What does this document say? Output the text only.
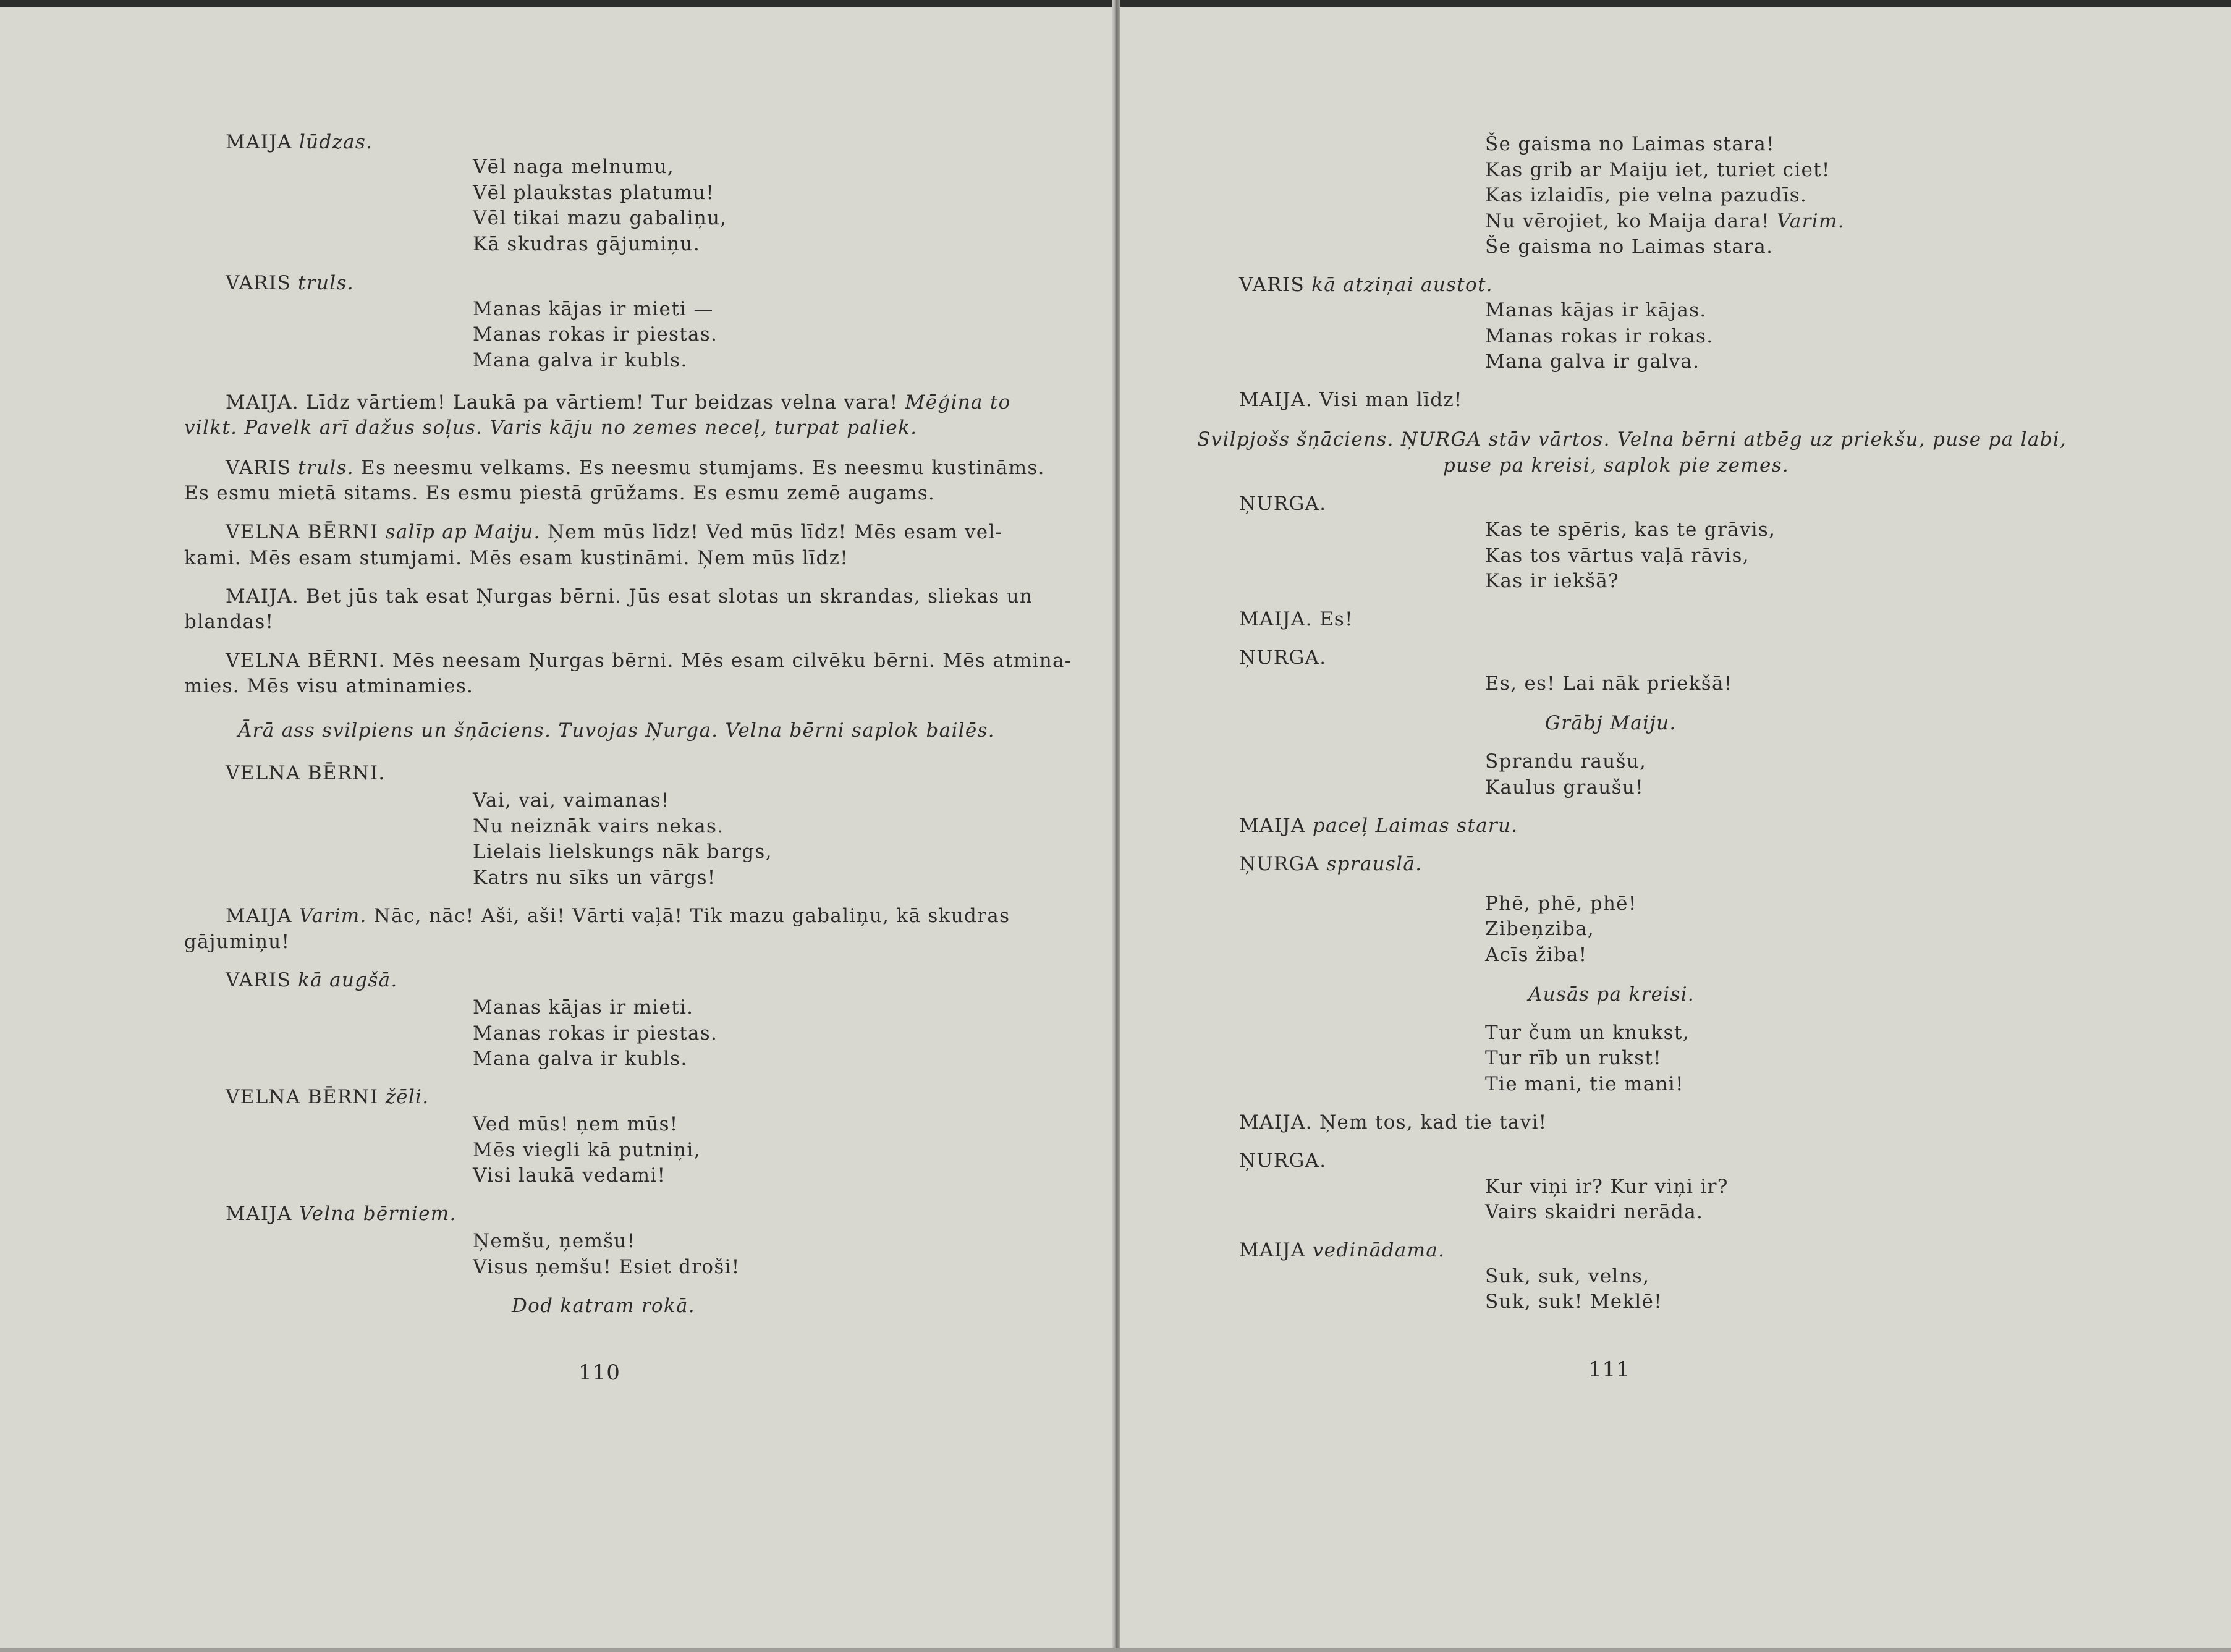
MAIJA lūdzas.
Vēl naga melnumu,
Vēl plaukstas platumu!
Vēl tikai mazu gabaliņu,
Kā skudras gājumiņu.
VARIS truls.
Manas kājas ir mieti —
Manas rokas ir piestas.
Mana galva ir kubls.
MAIJA. Līdz vārtiem! Laukā pa vārtiem! Tur beidzas velna vara! Mēģina to
vilkt. Pavelk arī dažus soļus. Varis kāju no zemes neceļ, turpat paliek.
VARIS truls. Es neesmu velkams. Es neesmu stumjams. Es neesmu kustināms.
Es esmu mietā sitams. Es esmu piestā grūžams. Es esmu zemē augams.
VELNA BĒRNI salīp ap Maiju. Ņem mūs līdz! Ved mūs līdz! Mēs esam vel-
kami. Mēs esam stumjami. Mēs esam kustināmi. Ņem mūs līdz!
MAIJA. Bet jūs tak esat Ņurgas bērni. Jūs esat slotas un skrandas, sliekas un
blandas!
VELNA BĒRNI. Mēs neesam Ņurgas bērni. Mēs esam cilvēku bērni. Mēs atmina-
mies. Mēs visu atminamies.
Ārā ass svilpiens un šņāciens. Tuvojas Ņurga. Velna bērni saplok bailēs.
VELNA BĒRNI.
Vai, vai, vaimanas!
Nu neiznāk vairs nekas.
Lielais lielskungs nāk bargs,
Katrs nu sīks un vārgs!
MAIJA Varim. Nāc, nāc! Aši, aši! Vārti vaļā! Tik mazu gabaliņu, kā skudras
gājumiņu!
VARIS kā augšā.
Manas kājas ir mieti.
Manas rokas ir piestas.
Mana galva ir kubls.
VELNA BĒRNI žēli.
Ved mūs! ņem mūs!
Mēs viegli kā putniņi,
Visi laukā vedami!
MAIJA Velna bērniem.
Ņemšu, ņemšu!
Visus ņemšu! Esiet droši!
Dod katram rokā.
Še gaisma no Laimas stara!
Kas grib ar Maiju iet, turiet ciet!
Kas izlaidīs, pie velna pazudīs.
Nu vērojiet, ko Maija dara! Varim.
Še gaisma no Laimas stara.
VARIS kā atziņai austot.
Manas kājas ir kājas.
Manas rokas ir rokas.
Mana galva ir galva.
MAIJA. Visi man līdz!
Svilpjošs šņāciens. ŅURGA stāv vārtos. Velna bērni atbēg uz priekšu, puse pa labi,
puse pa kreisi, saplok pie zemes.
ŅURGA.
Kas te spēris, kas te grāvis,
Kas tos vārtus vaļā rāvis,
Kas ir iekšā?
MAIJA. Es!
ŅURGA.
Es, es! Lai nāk priekšā!
Grābj Maiju.
Sprandu raušu,
Kaulus graušu!
MAIJA paceļ Laimas staru.
ŅURGA sprauslā.
Phē, phē, phē!
Zibeņziba,
Acīs žiba!
Ausās pa kreisi.
Tur čum un knukst,
Tur rīb un rukst!
Tie mani, tie mani!
MAIJA. Ņem tos, kad tie tavi!
ŅURGA.
Kur viņi ir? Kur viņi ir?
Vairs skaidri nerāda.
MAIJA vedinādama.
Suk, suk, velns,
Suk, suk! Meklē!
110	111
